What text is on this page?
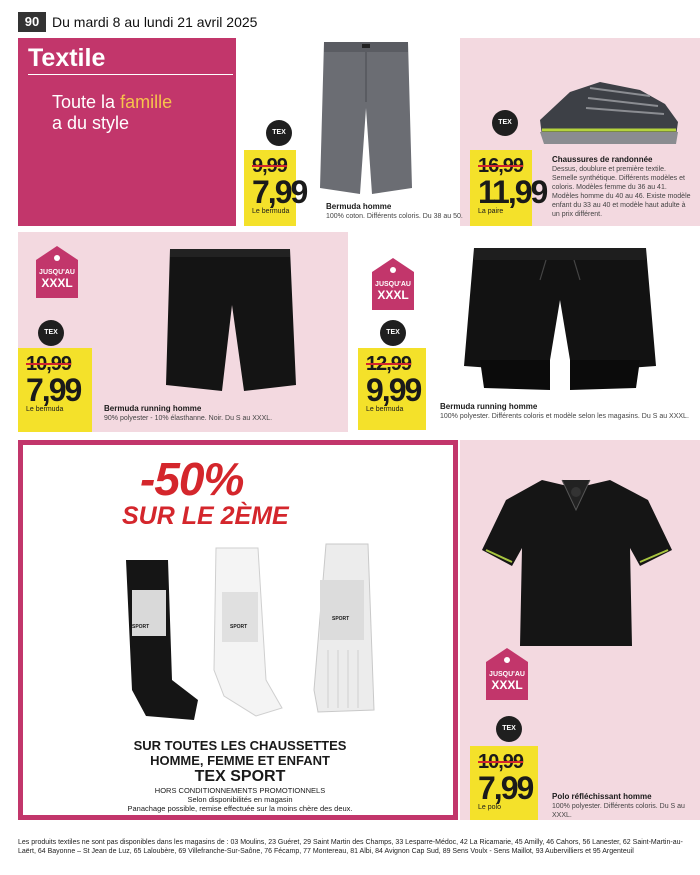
90 Du mardi 8 au lundi 21 avril 2025
Textile
Toute la famille
a du style	TEX
9,99
7,99
Le bermuda
Bermuda homme
100% coton. Différents coloris. Du 38 au 50.
TEX
16,99
11,99
La paire
Chaussures de randonnée
Dessus, doublure et première textile. Semelle synthétique. Différents modèles et coloris. Modèles femme du 36 au 41. Modèles homme du 40 au 46. Existe modèle enfant du 33 au 40 et modèle haut adulte à un prix différent.
JUSQU'AU
XXXL
TEX
10,99
7,99
Le bermuda	Bermuda running homme
90% polyester - 10% élasthanne. Noir. Du S au XXXL.
JUSQU'AU
XXXL
TEX
12,99
9,99
Le bermuda	Bermuda running homme
100% polyester. Différents coloris et modèle selon les magasins. Du S au XXXL.
-50%
SUR LE 2ÈME
SPORT	SPORT
SPORT
SUR TOUTES LES CHAUSSETTES
HOMME, FEMME ET ENFANT
TEX SPORT
HORS CONDITIONNEMENTS PROMOTIONNELS
Selon disponibilités en magasin
Panachage possible, remise effectuée sur la moins chère des deux.
JUSQU'AU
XXXL
TEX
10,99
7,99
Le polo
Polo réfléchissant homme
100% polyester. Différents coloris. Du S au XXXL.
Les produits textiles ne sont pas disponibles dans les magasins de : 03 Moulins, 23 Guéret, 29 Saint Martin des Champs, 33 Lesparre-Médoc, 42 La Ricamarie, 45 Amilly, 46 Cahors, 56 Lanester, 62 Saint-Martin-au-Laërt, 64 Bayonne – St Jean de Luz, 65 Laloubère, 69 Villefranche-Sur-Saône, 76 Fécamp, 77 Montereau, 81 Albi, 84 Avignon Cap Sud, 89 Sens Voulx - Sens Maillot, 93 Aubervilliers et 95 Argenteuil
